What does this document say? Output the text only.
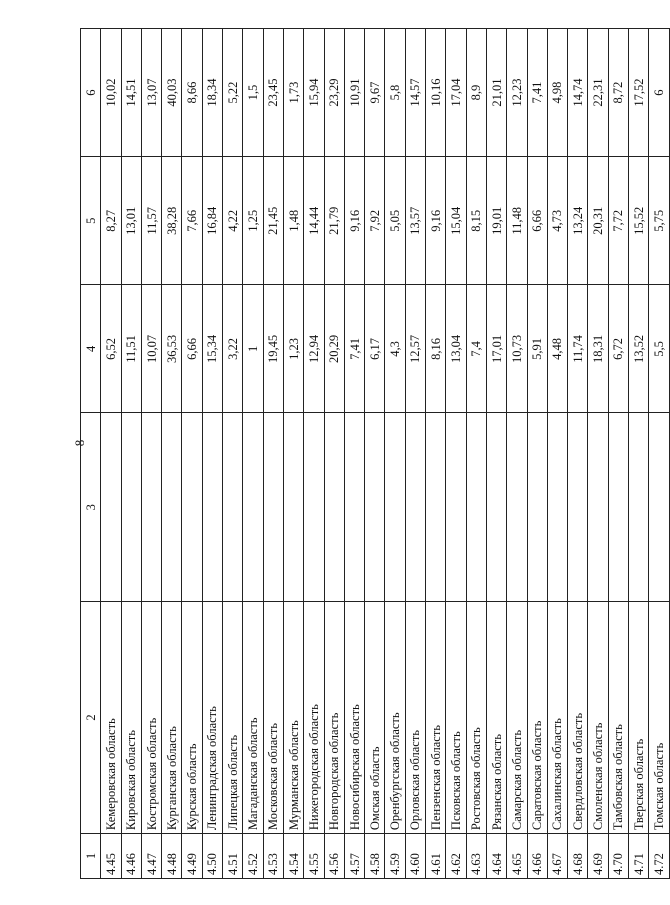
8
1	2	3	4	5	6
4.45	Кемеровская область		6,52	8,27	10,02
4.46	Кировская область		11,51	13,01	14,51
4.47	Костромская область		10,07	11,57	13,07
4.48	Курганская область		36,53	38,28	40,03
4.49	Курская область		6,66	7,66	8,66
4.50	Ленинградская область		15,34	16,84	18,34
4.51	Липецкая область		3,22	4,22	5,22
4.52	Магаданская область		1	1,25	1,5
4.53	Московская область		19,45	21,45	23,45
4.54	Мурманская область		1,23	1,48	1,73
4.55	Нижегородская область		12,94	14,44	15,94
4.56	Новгородская область		20,29	21,79	23,29
4.57	Новосибирская область		7,41	9,16	10,91
4.58	Омская область		6,17	7,92	9,67
4.59	Оренбургская область		4,3	5,05	5,8
4.60	Орловская область		12,57	13,57	14,57
4.61	Пензенская область		8,16	9,16	10,16
4.62	Псковская область		13,04	15,04	17,04
4.63	Ростовская область		7,4	8,15	8,9
4.64	Рязанская область		17,01	19,01	21,01
4.65	Самарская область		10,73	11,48	12,23
4.66	Саратовская область		5,91	6,66	7,41
4.67	Сахалинская область		4,48	4,73	4,98
4.68	Свердловская область		11,74	13,24	14,74
4.69	Смоленская область		18,31	20,31	22,31
4.70	Тамбовская область		6,72	7,72	8,72
4.71	Тверская область		13,52	15,52	17,52
4.72	Томская область		5,5	5,75	6
